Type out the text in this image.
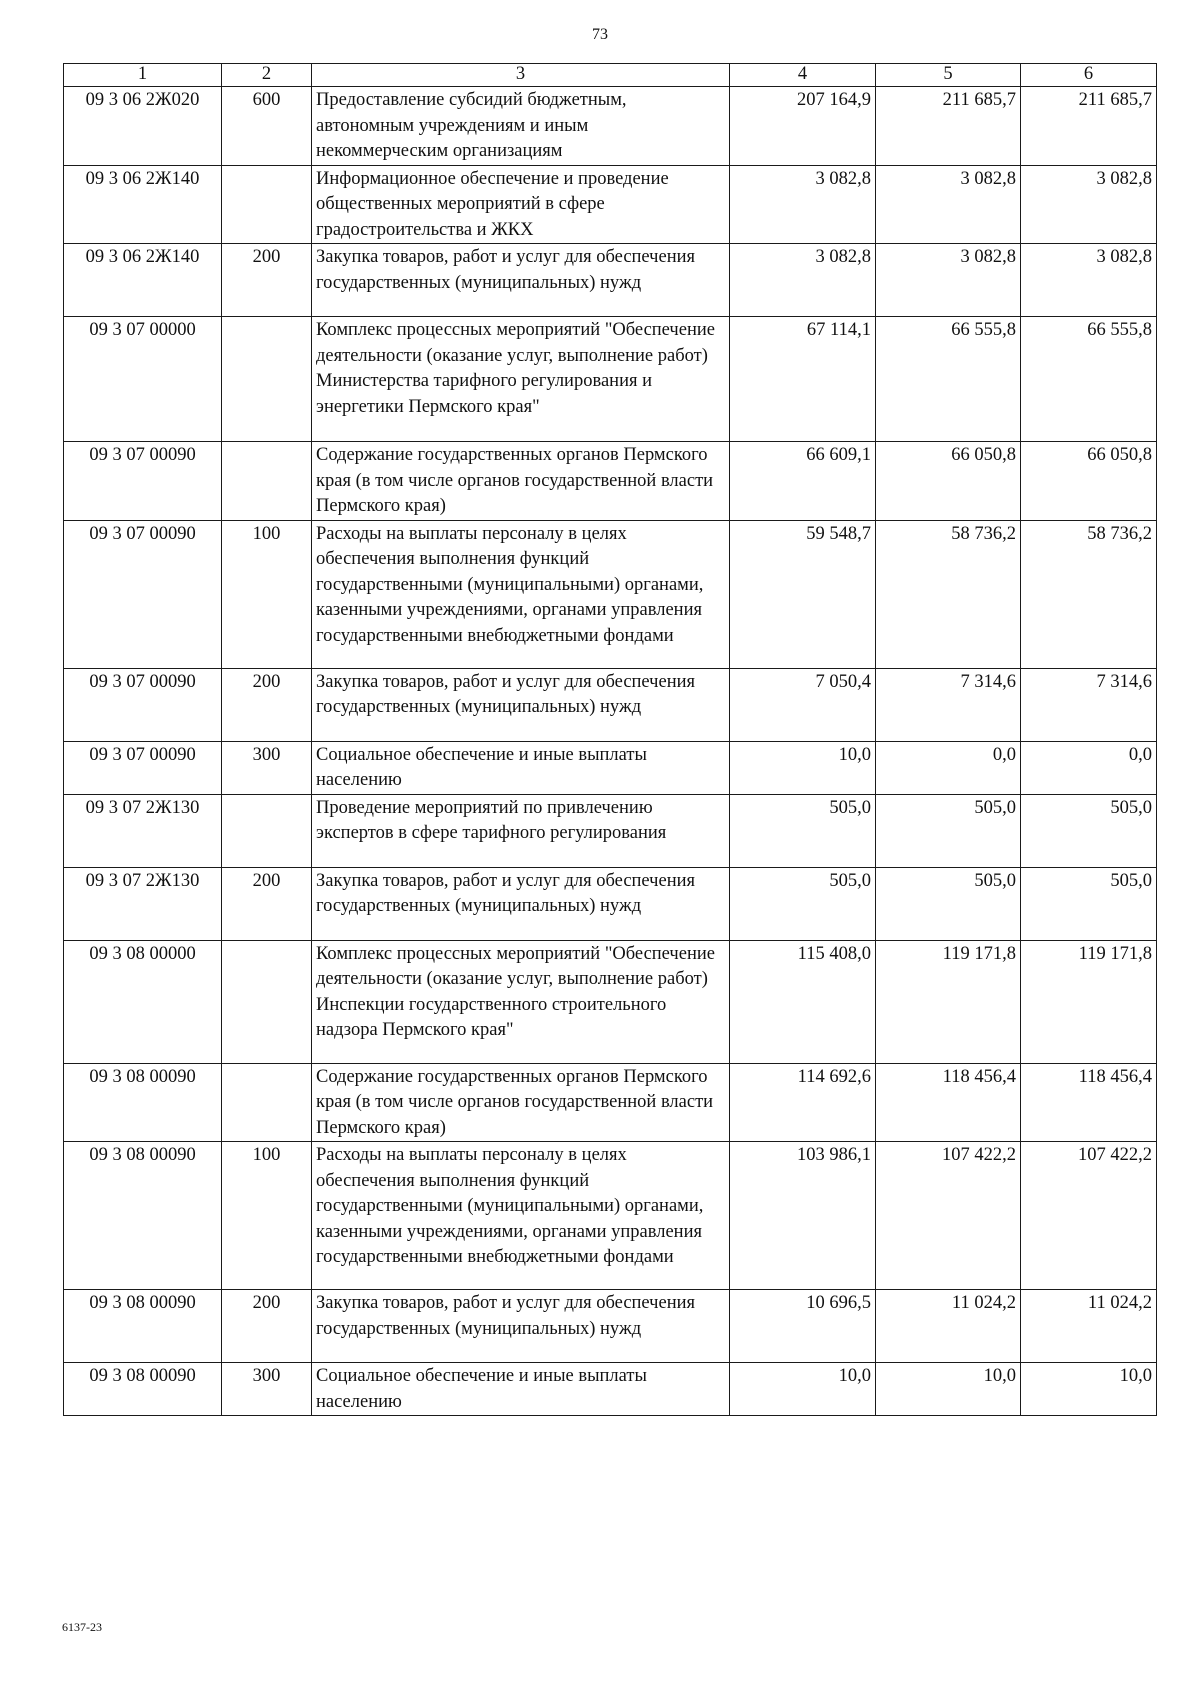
73
1	2	3	4	5	6
09 3 06 2Ж020	600	Предоставление субсидий бюджетным, автономным учреждениям и иным некоммерческим организациям	207 164,9	211 685,7	211 685,7
09 3 06 2Ж140		Информационное обеспечение и проведение общественных мероприятий в сфере градостроительства и ЖКХ	3 082,8	3 082,8	3 082,8
09 3 06 2Ж140	200	Закупка товаров, работ и услуг для обеспечения государственных (муниципальных) нужд	3 082,8	3 082,8	3 082,8
09 3 07 00000		Комплекс процессных мероприятий "Обеспечение деятельности (оказание услуг, выполнение работ) Министерства тарифного регулирования и энергетики Пермского края"	67 114,1	66 555,8	66 555,8
09 3 07 00090		Содержание государственных органов Пермского края (в том числе органов государственной власти Пермского края)	66 609,1	66 050,8	66 050,8
09 3 07 00090	100	Расходы на выплаты персоналу в целях обеспечения выполнения функций государственными (муниципальными) органами, казенными учреждениями, органами управления государственными внебюджетными фондами	59 548,7	58 736,2	58 736,2
09 3 07 00090	200	Закупка товаров, работ и услуг для обеспечения государственных (муниципальных) нужд	7 050,4	7 314,6	7 314,6
09 3 07 00090	300	Социальное обеспечение и иные выплаты населению	10,0	0,0	0,0
09 3 07 2Ж130		Проведение мероприятий по привлечению экспертов в сфере тарифного регулирования	505,0	505,0	505,0
09 3 07 2Ж130	200	Закупка товаров, работ и услуг для обеспечения государственных (муниципальных) нужд	505,0	505,0	505,0
09 3 08 00000		Комплекс процессных мероприятий "Обеспечение деятельности (оказание услуг, выполнение работ) Инспекции государственного строительного надзора Пермского края"	115 408,0	119 171,8	119 171,8
09 3 08 00090		Содержание государственных органов Пермского края (в том числе органов государственной власти Пермского края)	114 692,6	118 456,4	118 456,4
09 3 08 00090	100	Расходы на выплаты персоналу в целях обеспечения выполнения функций государственными (муниципальными) органами, казенными учреждениями, органами управления государственными внебюджетными фондами	103 986,1	107 422,2	107 422,2
09 3 08 00090	200	Закупка товаров, работ и услуг для обеспечения государственных (муниципальных) нужд	10 696,5	11 024,2	11 024,2
09 3 08 00090	300	Социальное обеспечение и иные выплаты населению	10,0	10,0	10,0
6137-23
